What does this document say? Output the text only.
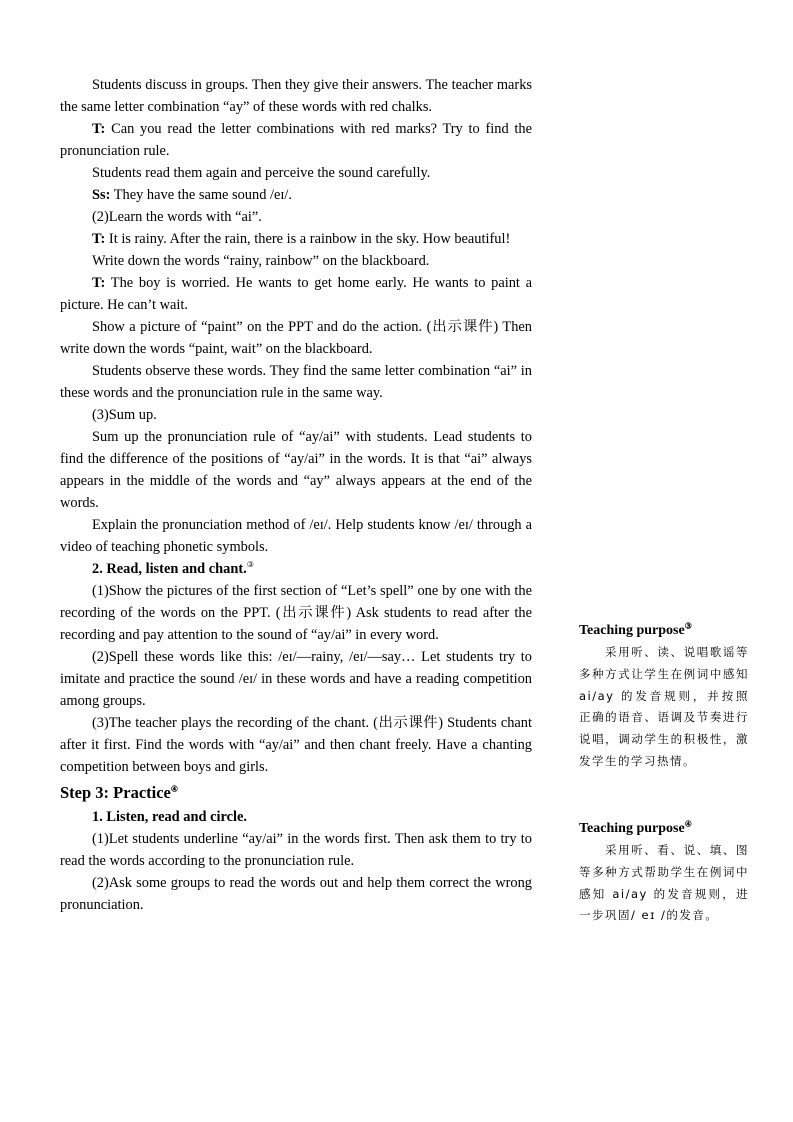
Students discuss in groups. Then they give their answers. The teacher marks the same letter combination “ay” of these words with red chalks.

T: Can you read the letter combinations with red marks? Try to find the pronunciation rule.

Students read them again and perceive the sound carefully.

Ss: They have the same sound /eɪ/.

(2)Learn the words with “ai”.

T: It is rainy. After the rain, there is a rainbow in the sky. How beautiful!

Write down the words “rainy, rainbow” on the blackboard.

T: The boy is worried. He wants to get home early. He wants to paint a picture. He can’t wait.

Show a picture of “paint” on the PPT and do the action. (出示课件) Then write down the words “paint, wait” on the blackboard.

Students observe these words. They find the same letter combination “ai” in these words and the pronunciation rule in the same way.

(3)Sum up.

Sum up the pronunciation rule of “ay/ai” with students. Lead students to find the difference of the positions of “ay/ai” in the words. It is that “ai” always appears in the middle of the words and “ay” always appears at the end of the words.

Explain the pronunciation method of /eɪ/. Help students know /eɪ/ through a video of teaching phonetic symbols.

2. Read, listen and chant.③

(1)Show the pictures of the first section of “Let’s spell” one by one with the recording of the words on the PPT. (出示课件) Ask students to read after the recording and pay attention to the sound of “ay/ai” in every word.

(2)Spell these words like this: /eɪ/—rainy, /eɪ/—say… Let students try to imitate and practice the sound /eɪ/ in these words and have a reading competition among groups.

(3)The teacher plays the recording of the chant. (出示课件) Students chant after it first. Find the words with “ay/ai” and then chant freely. Have a chanting competition between boys and girls.

Step 3: Practice④

1. Listen, read and circle.

(1)Let students underline “ay/ai” in the words first. Then ask them to try to read the words according to the pronunciation rule.

(2)Ask some groups to read the words out and help them correct the wrong pronunciation.

Teaching purpose③

采用听、读、说唱歌谣等多种方式让学生在例词中感知 ai/ay 的发音规则，并按照正确的语音、语调及节奏进行说唱，调动学生的积极性，激发学生的学习热情。

Teaching purpose④

采用听、看、说、填、图等多种方式帮助学生在例词中感知 ai/ay 的发音规则，进一步巩固/ eɪ /的发音。
